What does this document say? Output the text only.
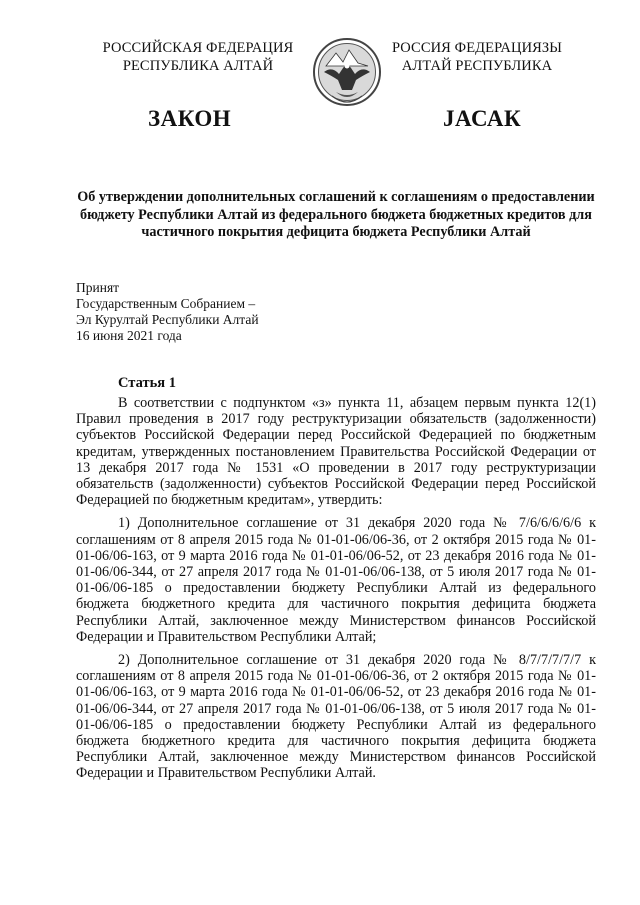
РОССИЙСКАЯ ФЕДЕРАЦИЯ
РЕСПУБЛИКА АЛТАЙ
РОССИЯ ФЕДЕРАЦИЯЗЫ
АЛТАЙ РЕСПУБЛИКА
ЗАКОН	ЈАСАК
Об утверждении дополнительных соглашений к соглашениям о предоставлении бюджету Республики Алтай из федерального бюджета бюджетных кредитов для частичного покрытия дефицита бюджета Республики Алтай
Принят
Государственным Собранием –
Эл Курултай Республики Алтай
16 июня 2021 года
Статья 1

В соответствии с подпунктом «з» пункта 11, абзацем первым пункта 12(1) Правил проведения в 2017 году реструктуризации обязательств (задолженности) субъектов Российской Федерации перед Российской Федерацией по бюджетным кредитам, утвержденных постановлением Правительства Российской Федерации от 13 декабря 2017 года № 1531 «О проведении в 2017 году реструктуризации обязательств (задолженности) субъектов Российской Федерации перед Российской Федерацией по бюджетным кредитам», утвердить:

1) Дополнительное соглашение от 31 декабря 2020 года № 7/6/6/6/6/6 к соглашениям от 8 апреля 2015 года № 01-01-06/06-36, от 2 октября 2015 года № 01-01-06/06-163, от 9 марта 2016 года № 01-01-06/06-52, от 23 декабря 2016 года № 01-01-06/06-344, от 27 апреля 2017 года № 01-01-06/06-138, от 5 июля 2017 года № 01-01-06/06-185 о предоставлении бюджету Республики Алтай из федерального бюджета бюджетного кредита для частичного покрытия дефицита бюджета Республики Алтай, заключенное между Министерством финансов Российской Федерации и Правительством Республики Алтай;

2) Дополнительное соглашение от 31 декабря 2020 года № 8/7/7/7/7/7 к соглашениям от 8 апреля 2015 года № 01-01-06/06-36, от 2 октября 2015 года № 01-01-06/06-163, от 9 марта 2016 года № 01-01-06/06-52, от 23 декабря 2016 года № 01-01-06/06-344, от 27 апреля 2017 года № 01-01-06/06-138, от 5 июля 2017 года № 01-01-06/06-185 о предоставлении бюджету Республики Алтай из федерального бюджета бюджетного кредита для частичного покрытия дефицита бюджета Республики Алтай, заключенное между Министерством финансов Российской Федерации и Правительством Республики Алтай.
